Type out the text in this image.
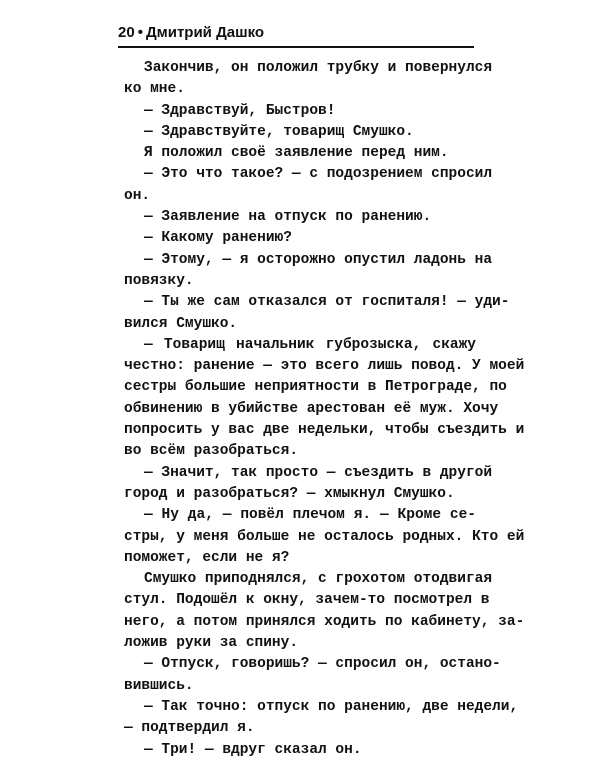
20 • Дмитрий Дашко
Закончив, он положил трубку и повернулся
ко мне.
— Здравствуй, Быстров!
— Здравствуйте, товарищ Смушко.
Я положил своё заявление перед ним.
— Это что такое? — с подозрением спросил
он.
— Заявление на отпуск по ранению.
— Какому ранению?
— Этому, — я осторожно опустил ладонь на
повязку.
— Ты же сам отказался от госпиталя! — уди-
вился Смушко.
— Товарищ начальник губрозыска, скажу
честно: ранение — это всего лишь повод. У моей
сестры большие неприятности в Петрограде, по
обвинению в убийстве арестован её муж. Хочу
попросить у вас две недельки, чтобы съездить и
во всём разобраться.
— Значит, так просто — съездить в другой
город и разобраться? — хмыкнул Смушко.
— Ну да, — повёл плечом я. — Кроме се-
стры, у меня больше не осталось родных. Кто ей
поможет, если не я?
Смушко приподнялся, с грохотом отодвигая
стул. Подошёл к окну, зачем-то посмотрел в
него, а потом принялся ходить по кабинету, за-
ложив руки за спину.
— Отпуск, говоришь? — спросил он, остано-
вившись.
— Так точно: отпуск по ранению, две недели,
— подтвердил я.
— Три! — вдруг сказал он.
